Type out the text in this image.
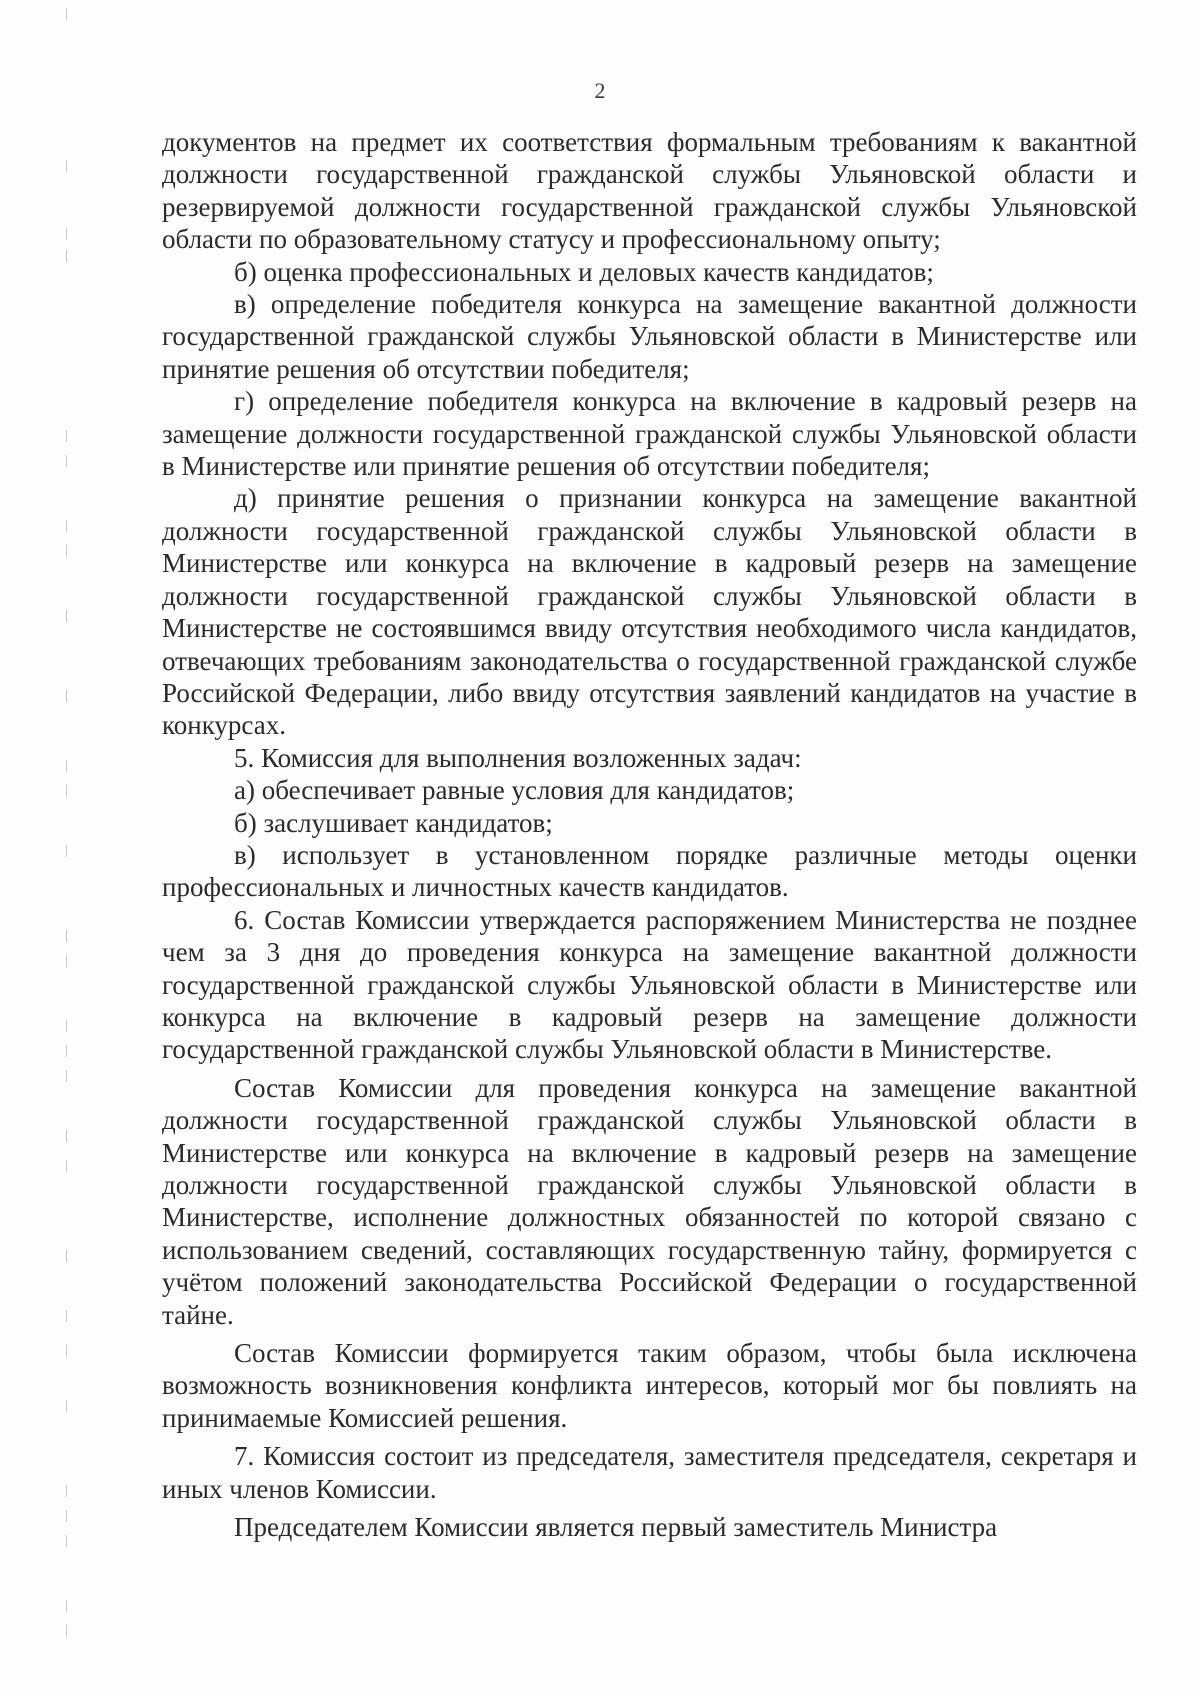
2

документов на предмет их соответствия формальным требованиям к вакантной должности государственной гражданской службы Ульяновской области и резервируемой должности государственной гражданской службы Ульяновской области по образовательному статусу и профессиональному опыту;

б) оценка профессиональных и деловых качеств кандидатов;

в) определение победителя конкурса на замещение вакантной должности государственной гражданской службы Ульяновской области в Министерстве или принятие решения об отсутствии победителя;

г) определение победителя конкурса на включение в кадровый резерв на замещение должности государственной гражданской службы Ульяновской области в Министерстве или принятие решения об отсутствии победителя;

д) принятие решения о признании конкурса на замещение вакантной должности государственной гражданской службы Ульяновской области в Министерстве или конкурса на включение в кадровый резерв на замещение должности государственной гражданской службы Ульяновской области в Министерстве не состоявшимся ввиду отсутствия необходимого числа кандидатов, отвечающих требованиям законодательства о государственной гражданской службе Российской Федерации, либо ввиду отсутствия заявлений кандидатов на участие в конкурсах.

5. Комиссия для выполнения возложенных задач:

а) обеспечивает равные условия для кандидатов;

б) заслушивает кандидатов;

в) использует в установленном порядке различные методы оценки профессиональных и личностных качеств кандидатов.

6. Состав Комиссии утверждается распоряжением Министерства не позднее чем за 3 дня до проведения конкурса на замещение вакантной должности государственной гражданской службы Ульяновской области в Министерстве или конкурса на включение в кадровый резерв на замещение должности государственной гражданской службы Ульяновской области в Министерстве.

Состав Комиссии для проведения конкурса на замещение вакантной должности государственной гражданской службы Ульяновской области в Министерстве или конкурса на включение в кадровый резерв на замещение должности государственной гражданской службы Ульяновской области в Министерстве, исполнение должностных обязанностей по которой связано с использованием сведений, составляющих государственную тайну, формируется с учётом положений законодательства Российской Федерации о государственной тайне.

Состав Комиссии формируется таким образом, чтобы была исключена возможность возникновения конфликта интересов, который мог бы повлиять на принимаемые Комиссией решения.

7. Комиссия состоит из председателя, заместителя председателя, секретаря и иных членов Комиссии.

Председателем Комиссии является первый заместитель Министра
